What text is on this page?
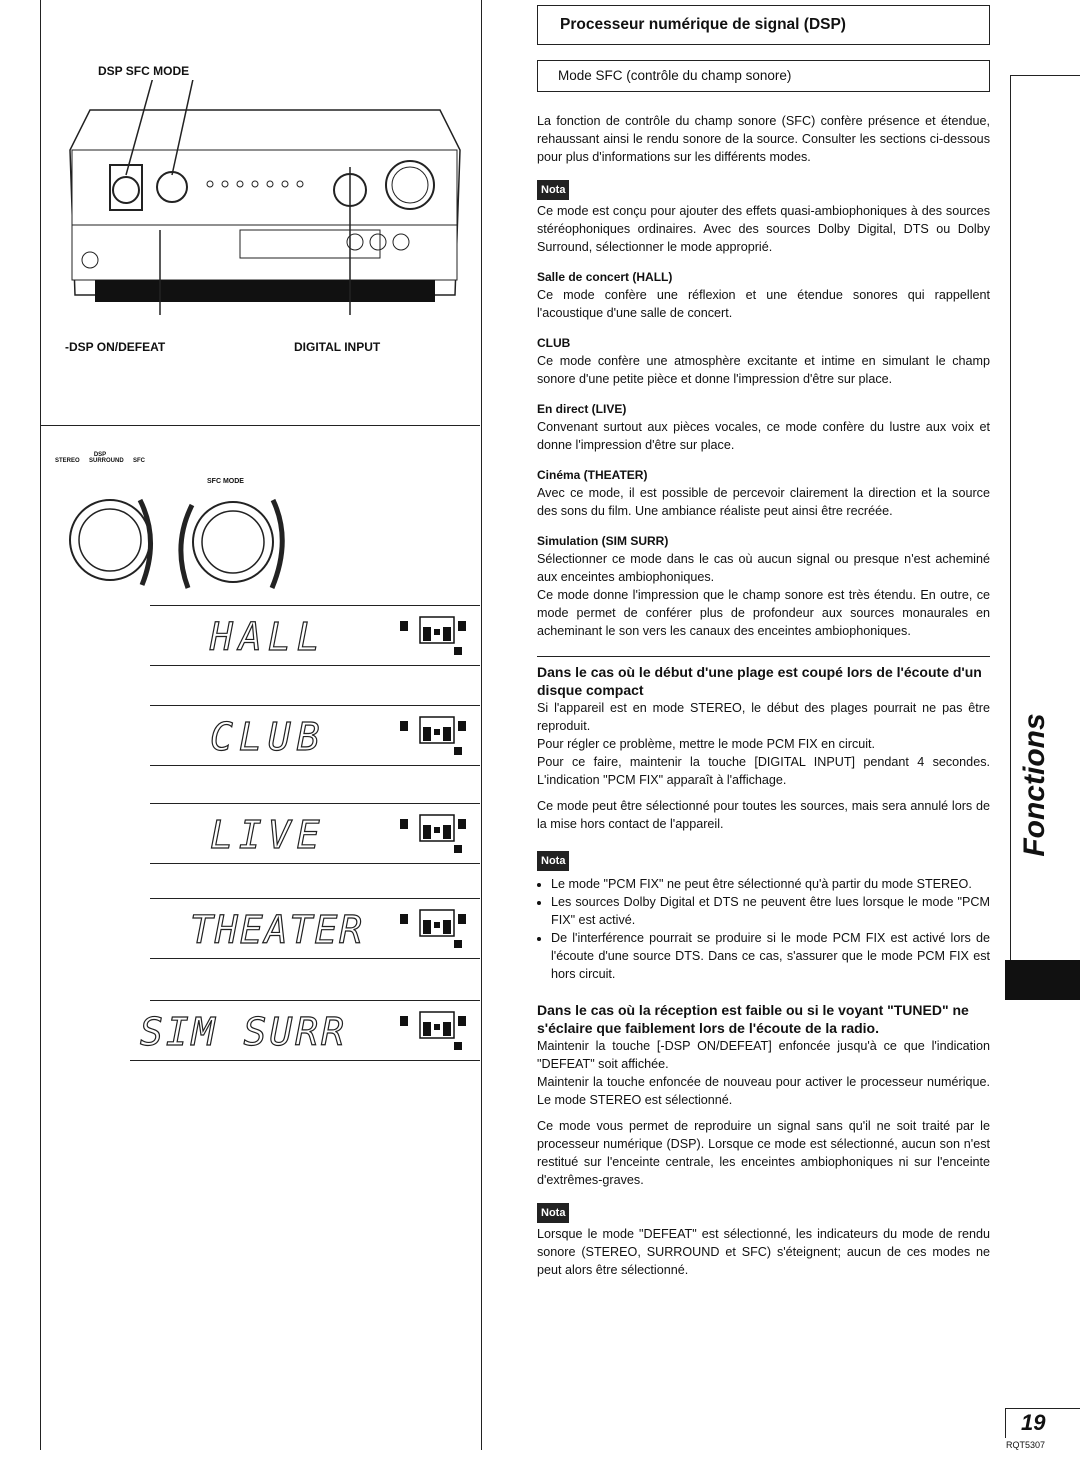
DSP SFC MODE
-DSP ON/DEFEAT	DIGITAL INPUT
DSP
STEREO SURROUND SFC
SFC MODE
HALL
CLUB
LIVE
THEATER
SIM SURR
Processeur numérique de signal (DSP)
Mode SFC (contrôle du champ sonore)

La fonction de contrôle du champ sonore (SFC) confère présence et étendue, rehaussant ainsi le rendu sonore de la source. Consulter les sections ci-dessous pour plus d'informations sur les différents modes.

Nota

Ce mode est conçu pour ajouter des effets quasi-ambiophoniques à des sources stéréophoniques ordinaires. Avec des sources Dolby Digital, DTS ou Dolby Surround, sélectionner le mode approprié.

Salle de concert (HALL)

Ce mode confère une réflexion et une étendue sonores qui rappellent l'acoustique d'une salle de concert.

CLUB

Ce mode confère une atmosphère excitante et intime en simulant le champ sonore d'une petite pièce et donne l'impression d'être sur place.

En direct (LIVE)

Convenant surtout aux pièces vocales, ce mode confère du lustre aux voix et donne l'impression d'être sur place.

Cinéma (THEATER)

Avec ce mode, il est possible de percevoir clairement la direction et la source des sons du film. Une ambiance réaliste peut ainsi être recréée.

Simulation (SIM SURR)

Sélectionner ce mode dans le cas où aucun signal ou presque n'est acheminé aux enceintes ambiophoniques.

Ce mode donne l'impression que le champ sonore est très étendu. En outre, ce mode permet de conférer plus de profondeur aux sources monaurales en acheminant le son vers les canaux des enceintes ambiophoniques.

Dans le cas où le début d'une plage est coupé lors de l'écoute d'un disque compact

Si l'appareil est en mode STEREO, le début des plages pourrait ne pas être reproduit.

Pour régler ce problème, mettre le mode PCM FIX en circuit.

Pour ce faire, maintenir la touche [DIGITAL INPUT] pendant 4 secondes. L'indication "PCM FIX" apparaît à l'affichage.

Ce mode peut être sélectionné pour toutes les sources, mais sera annulé lors de la mise hors contact de l'appareil.

Nota
• Le mode "PCM FIX" ne peut être sélectionné qu'à partir du mode STEREO.
• Les sources Dolby Digital et DTS ne peuvent être lues lorsque le mode "PCM FIX" est activé.
• De l'interférence pourrait se produire si le mode PCM FIX est activé lors de l'écoute d'une source DTS. Dans ce cas, s'assurer que le mode PCM FIX est hors circuit.
Dans le cas où la réception est faible ou si le voyant "TUNED" ne s'éclaire que faiblement lors de l'écoute de la radio.

Maintenir la touche [-DSP ON/DEFEAT] enfoncée jusqu'à ce que l'indication "DEFEAT" soit affichée.

Maintenir la touche enfoncée de nouveau pour activer le processeur numérique. Le mode STEREO est sélectionné.

Ce mode vous permet de reproduire un signal sans qu'il ne soit traité par le processeur numérique (DSP). Lorsque ce mode est sélectionné, aucun son n'est restitué sur l'enceinte centrale, les enceintes ambiophoniques ni sur l'enceinte d'extrêmes-graves.

Nota

Lorsque le mode "DEFEAT" est sélectionné, les indicateurs du mode de rendu sonore (STEREO, SURROUND et SFC) s'éteignent; aucun de ces modes ne peut alors être sélectionné.

Fonctions
19
RQT5307
